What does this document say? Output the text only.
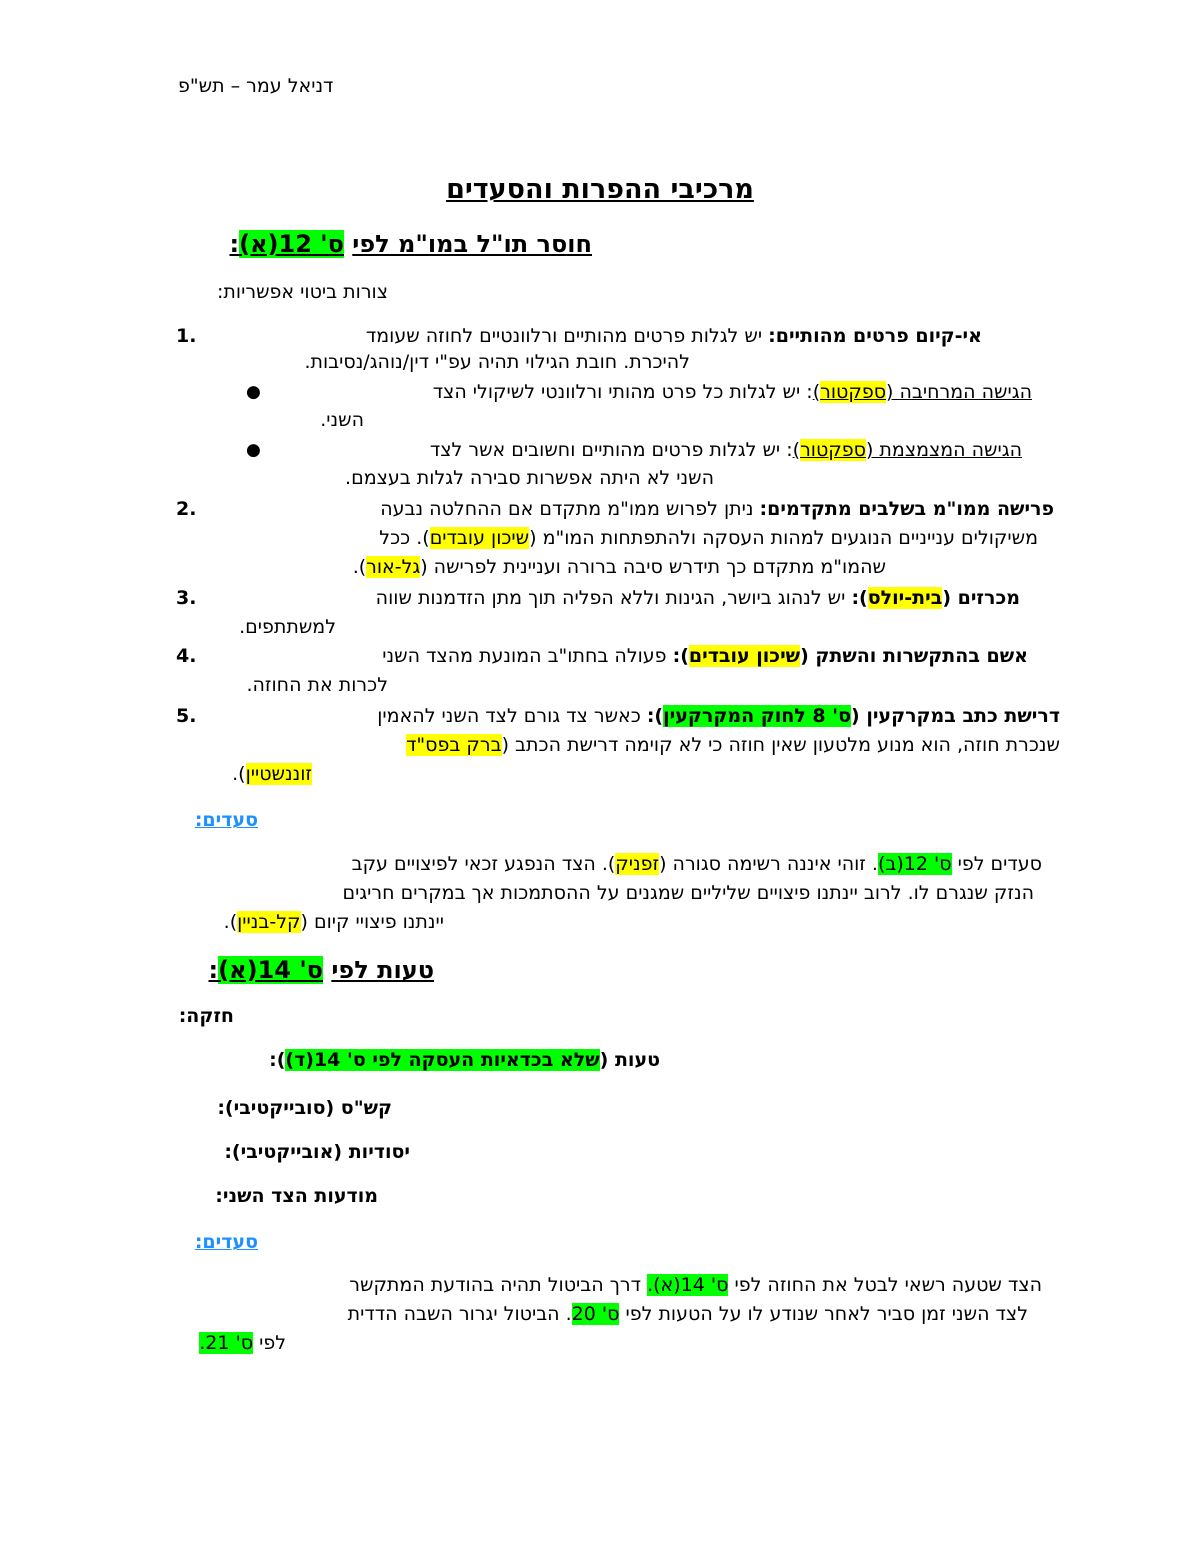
דניאל עמר – תש"פ
מרכיבי ההפרות והסעדים
חוסר תו"ל במו"מ לפי ס' 12(א):
צורות ביטוי אפשריות:
1.	אי-קיום פרטים מהותיים: יש לגלות פרטים מהותיים ורלוונטיים לחוזה שעומד
להיכרת. חובת הגילוי תהיה עפ"י דין/נוהג/נסיבות.
●	הגישה המרחיבה (ספקטור): יש לגלות כל פרט מהותי ורלוונטי לשיקולי הצד
השני.
●	הגישה המצמצמת (ספקטור): יש לגלות פרטים מהותיים וחשובים אשר לצד
השני לא היתה אפשרות סבירה לגלות בעצמם.
2.	פרישה ממו"מ בשלבים מתקדמים: ניתן לפרוש ממו"מ מתקדם אם ההחלטה נבעה
משיקולים ענייניים הנוגעים למהות העסקה ולהתפתחות המו"מ (שיכון עובדים). ככל
שהמו"מ מתקדם כך תידרש סיבה ברורה ועניינית לפרישה (גל-אור).
3.	מכרזים (בית-יולס): יש לנהוג ביושר, הגינות וללא הפליה תוך מתן הזדמנות שווה
למשתתפים.
4.	אשם בהתקשרות והשתק (שיכון עובדים): פעולה בחתו"ב המונעת מהצד השני
לכרות את החוזה.
5.	דרישת כתב במקרקעין (ס' 8 לחוק המקרקעין): כאשר צד גורם לצד השני להאמין
שנכרת חוזה, הוא מנוע מלטעון שאין חוזה כי לא קוימה דרישת הכתב (ברק בפס"ד
זוננשטיין).
סעדים:
סעדים לפי ס' 12(ב). זוהי איננה רשימה סגורה (זפניק). הצד הנפגע זכאי לפיצויים עקב
הנזק שנגרם לו. לרוב יינתנו פיצויים שליליים שמגנים על ההסתמכות אך במקרים חריגים
יינתנו פיצויי קיום (קל-בניין).
טעות לפי ס' 14(א):
חזקה:
טעות (שלא בכדאיות העסקה לפי ס' 14(ד)):
קש"ס (סובייקטיבי):
יסודיות (אובייקטיבי):
מודעות הצד השני:
סעדים:
הצד שטעה רשאי לבטל את החוזה לפי ס' 14(א). דרך הביטול תהיה בהודעת המתקשר
לצד השני זמן סביר לאחר שנודע לו על הטעות לפי ס' 20. הביטול יגרור השבה הדדית
לפי ס' 21.
